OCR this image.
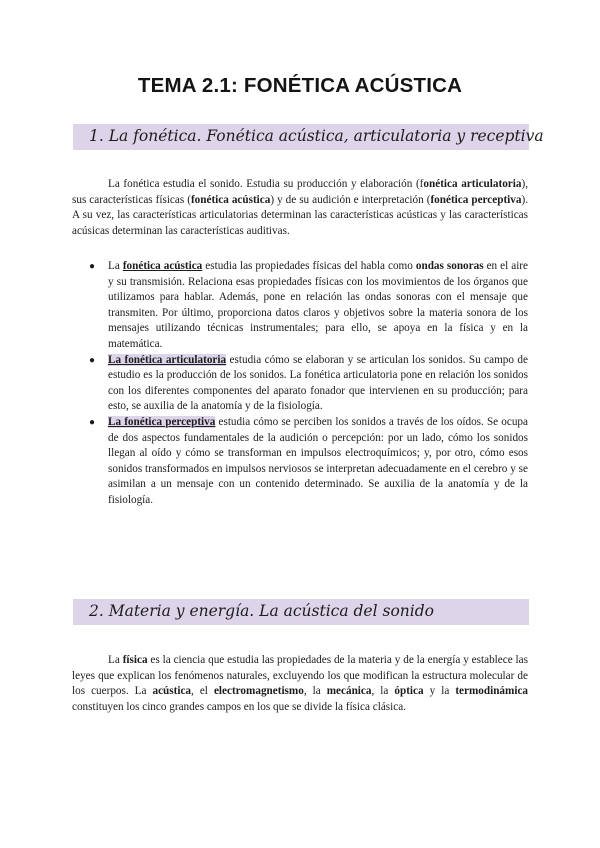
TEMA 2.1: FONÉTICA ACÚSTICA
1. La fonética. Fonética acústica, articulatoria y receptiva

La fonética estudia el sonido. Estudia su producción y elaboración (fonética articulatoria), sus características físicas (fonética acústica) y de su audición e interpretación (fonética perceptiva). A su vez, las características articulatorias determinan las características acústicas y las características acúsicas determinan las características auditivas.

● La fonética acústica estudia las propiedades físicas del habla como ondas sonoras en el aire y su transmisión. Relaciona esas propiedades físicas con los movimientos de los órganos que utilizamos para hablar. Además, pone en relación las ondas sonoras con el mensaje que transmiten. Por último, proporciona datos claros y objetivos sobre la materia sonora de los mensajes utilizando técnicas instrumentales; para ello, se apoya en la física y en la matemática.
● La fonética articulatoria estudia cómo se elaboran y se articulan los sonidos. Su campo de estudio es la producción de los sonidos. La fonética articulatoria pone en relación los sonidos con los diferentes componentes del aparato fonador que intervienen en su producción; para esto, se auxilia de la anatomía y de la fisiología.
● La fonética perceptiva estudia cómo se perciben los sonidos a través de los oídos. Se ocupa de dos aspectos fundamentales de la audición o percepción: por un lado, cómo los sonidos llegan al oído y cómo se transforman en impulsos electroquímicos; y, por otro, cómo esos sonidos transformados en impulsos nerviosos se interpretan adecuadamente en el cerebro y se asimilan a un mensaje con un contenido determinado. Se auxilia de la anatomía y de la fisiología.
2. Materia y energía. La acústica del sonido

La física es la ciencia que estudia las propiedades de la materia y de la energía y establece las leyes que explican los fenómenos naturales, excluyendo los que modifican la estructura molecular de los cuerpos. La acústica, el electromagnetismo, la mecánica, la óptica y la termodinámica constituyen los cinco grandes campos en los que se divide la física clásica.
